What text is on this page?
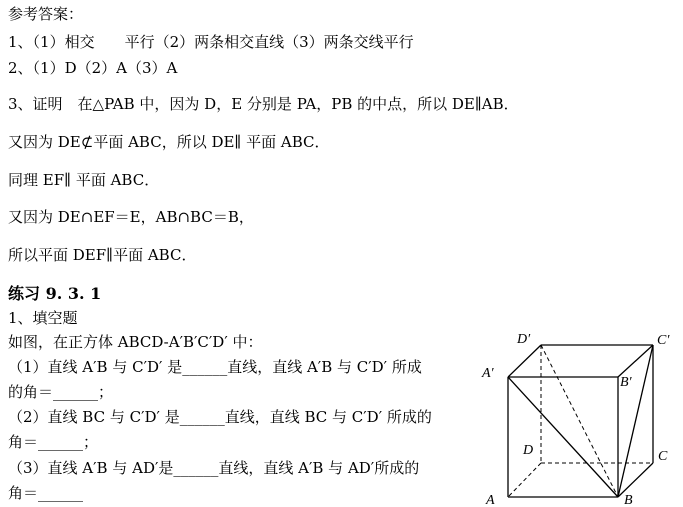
参考答案：
1、（1）相交　　平行（2）两条相交直线（3）两条交线平行
2、（1）D（2）A（3）A
3、证明　在△PAB 中，因为 D，E 分别是 PA，PB 的中点，所以 DE∥AB．
又因为 DE⊄平面 ABC，所以 DE∥ 平面 ABC．
同理 EF∥ 平面 ABC．
又因为 DE∩EF＝E，AB∩BC＝B，
所以平面 DEF∥平面 ABC．
练习 9. 3. 1
1、填空题
如图，在正方体 ABCD-A′B′C′D′ 中：
（1）直线 A′B 与 C′D′ 是______直线，直线 A′B 与 C′D′ 所成
的角＝______；
（2）直线 BC 与 C′D′ 是______直线，直线 BC 与 C′D′ 所成的
角＝______；
（3）直线 A′B 与 AD′是______直线，直线 A′B 与 AD′所成的
角＝______
D′	C′
A′
B′
D	C
A	B
